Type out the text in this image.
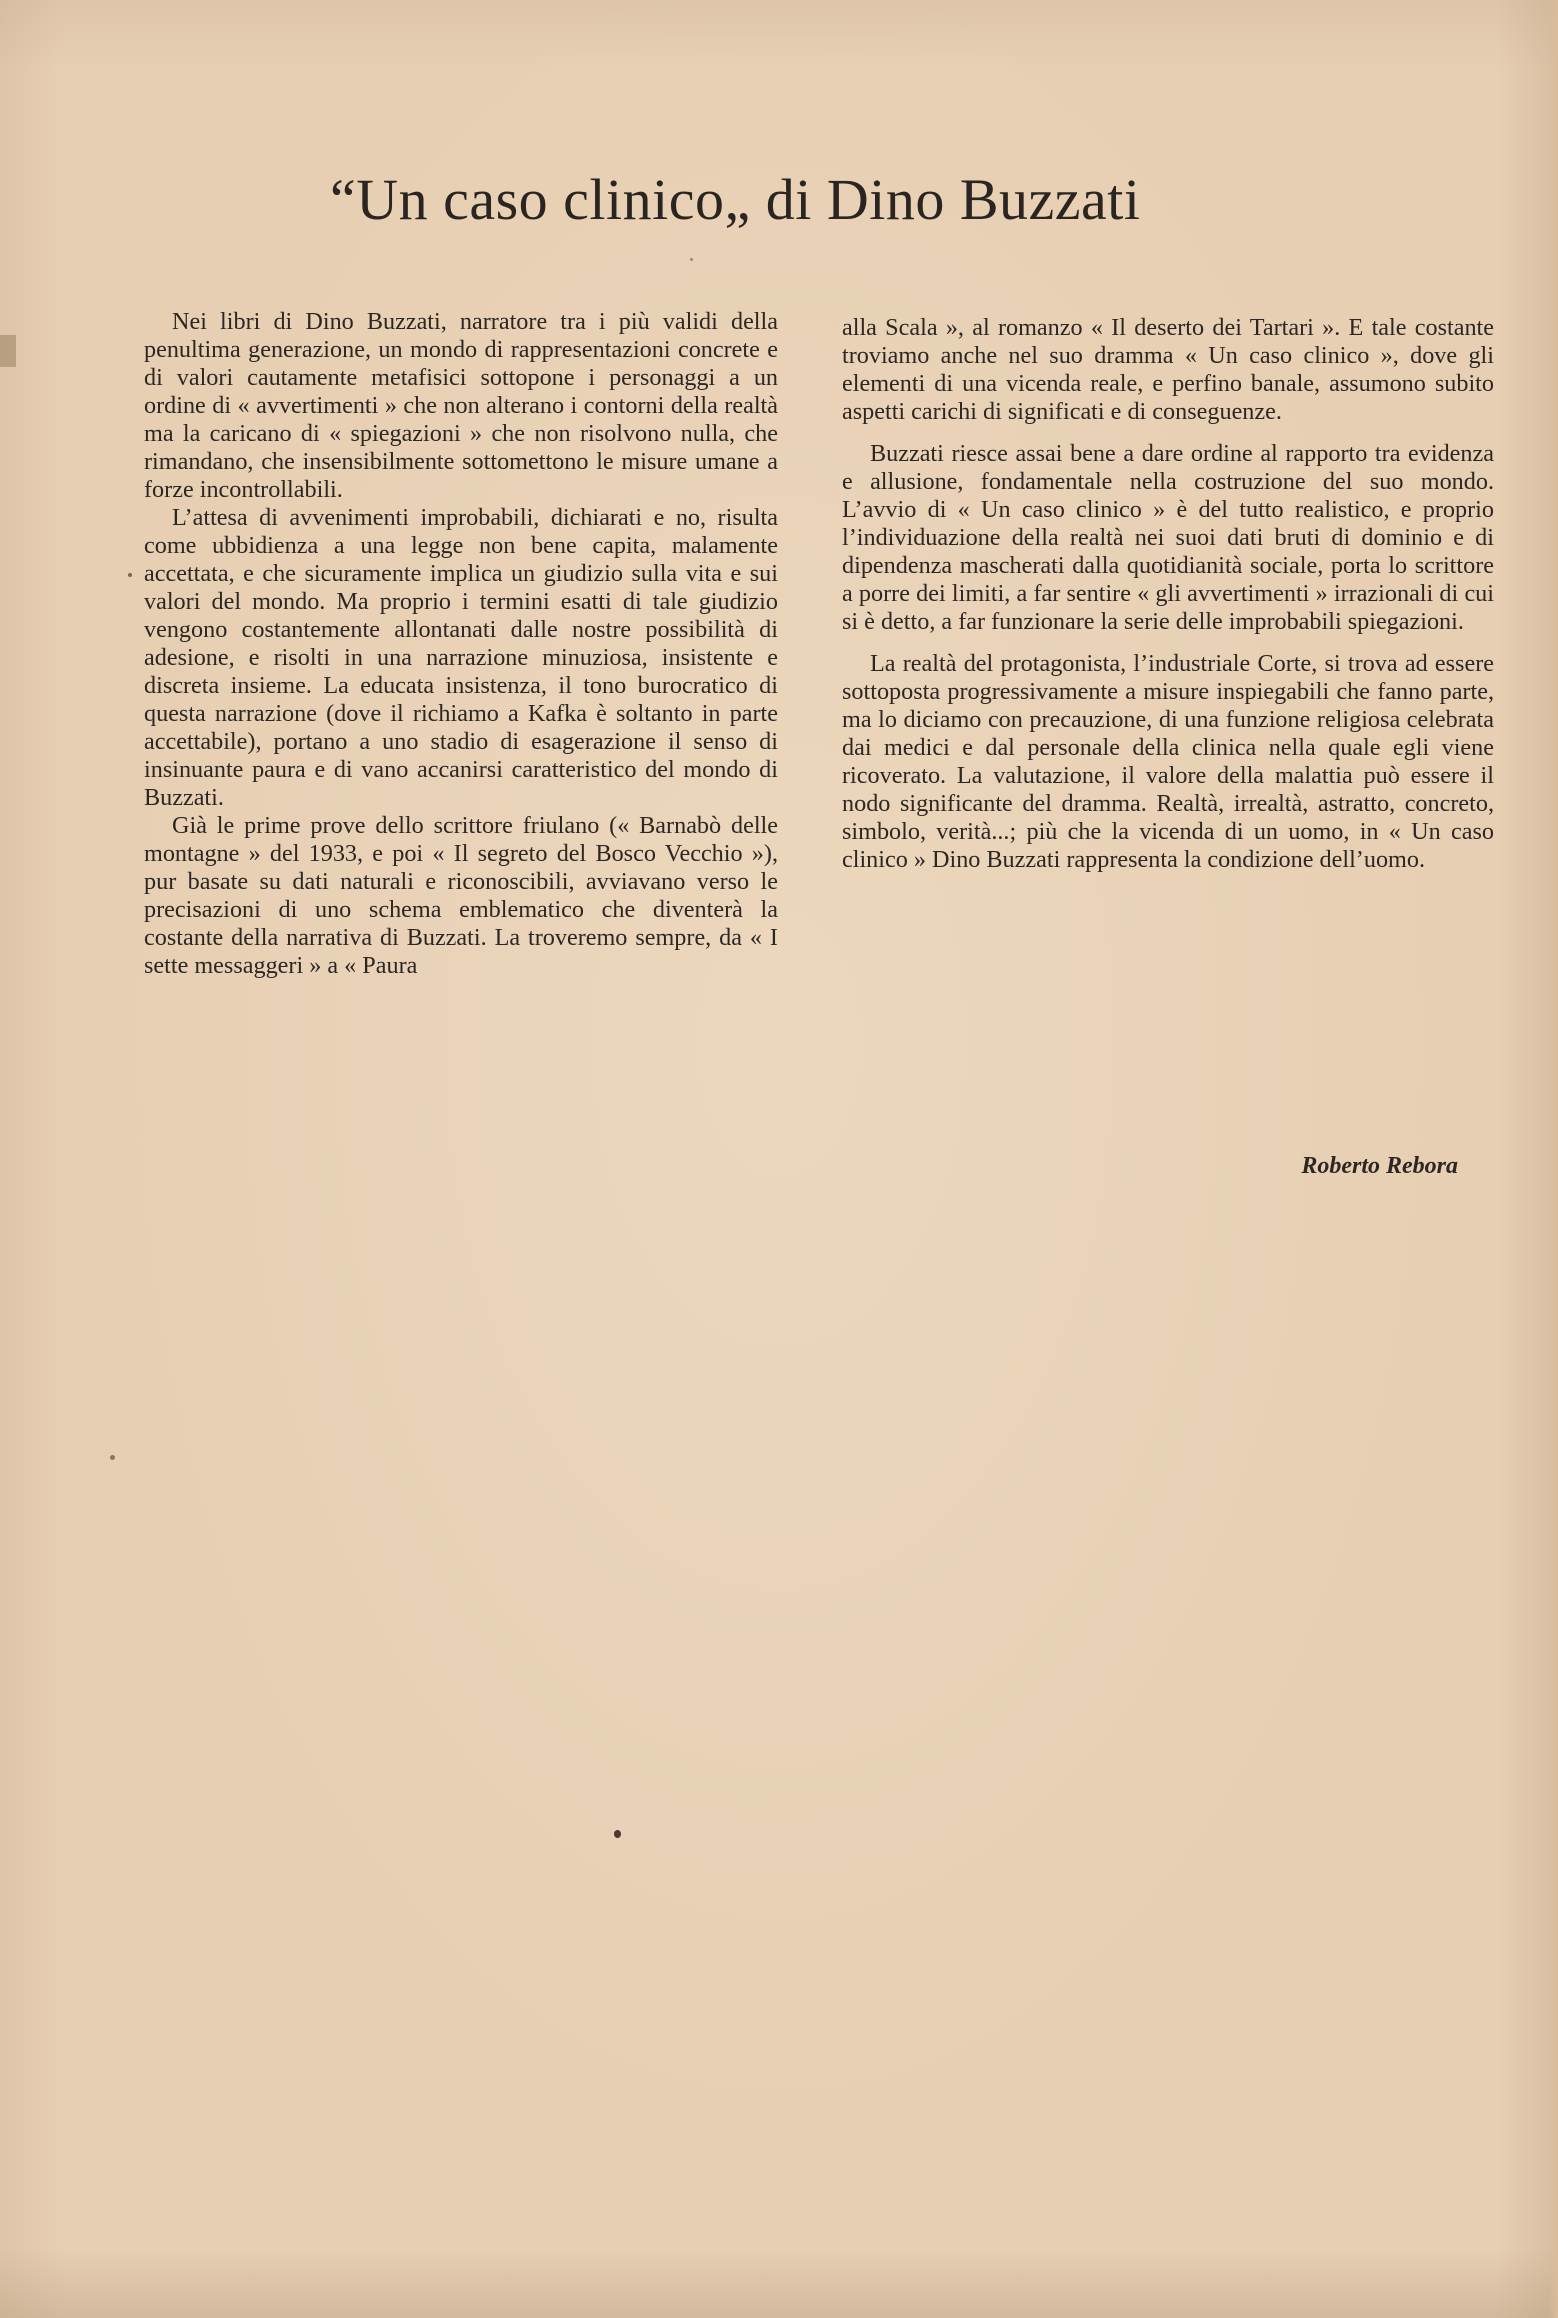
“Un caso clinico„ di Dino Buzzati

Nei libri di Dino Buzzati, narratore tra i più validi della penultima generazione, un mondo di rappresentazioni concrete e di valori cautamente metafisici sottopone i personaggi a un ordine di « avvertimenti » che non alterano i contorni della realtà ma la caricano di « spiegazioni » che non risolvono nulla, che rimandano, che insensibilmente sottomettono le misure umane a forze incontrollabili.

L’attesa di avvenimenti improbabili, dichiarati e no, risulta come ubbidienza a una legge non bene capita, malamente accettata, e che sicuramente implica un giudizio sulla vita e sui valori del mondo. Ma proprio i termini esatti di tale giudizio vengono costantemente allontanati dalle nostre possibilità di adesione, e risolti in una narrazione minuziosa, insistente e discreta insieme. La educata insistenza, il tono burocratico di questa narrazione (dove il richiamo a Kafka è soltanto in parte accettabile), portano a uno stadio di esagerazione il senso di insinuante paura e di vano accanirsi caratteristico del mondo di Buzzati.

Già le prime prove dello scrittore friulano (« Barnabò delle montagne » del 1933, e poi « Il segreto del Bosco Vecchio »), pur basate su dati naturali e riconoscibili, avviavano verso le precisazioni di uno schema emblematico che diventerà la costante della narrativa di Buzzati. La troveremo sempre, da « I sette messaggeri » a « Paura

alla Scala », al romanzo « Il deserto dei Tartari ». E tale costante troviamo anche nel suo dramma « Un caso clinico », dove gli elementi di una vicenda reale, e perfino banale, assumono subito aspetti carichi di significati e di conseguenze.

Buzzati riesce assai bene a dare ordine al rapporto tra evidenza e allusione, fondamentale nella costruzione del suo mondo. L’avvio di « Un caso clinico » è del tutto realistico, e proprio l’individuazione della realtà nei suoi dati bruti di dominio e di dipendenza mascherati dalla quotidianità sociale, porta lo scrittore a porre dei limiti, a far sentire « gli avvertimenti » irrazionali di cui si è detto, a far funzionare la serie delle improbabili spiegazioni.

La realtà del protagonista, l’industriale Corte, si trova ad essere sottoposta progressivamente a misure inspiegabili che fanno parte, ma lo diciamo con precauzione, di una funzione religiosa celebrata dai medici e dal personale della clinica nella quale egli viene ricoverato. La valutazione, il valore della malattia può essere il nodo significante del dramma. Realtà, irrealtà, astratto, concreto, simbolo, verità...; più che la vicenda di un uomo, in « Un caso clinico » Dino Buzzati rappresenta la condizione dell’uomo.

Roberto Rebora
